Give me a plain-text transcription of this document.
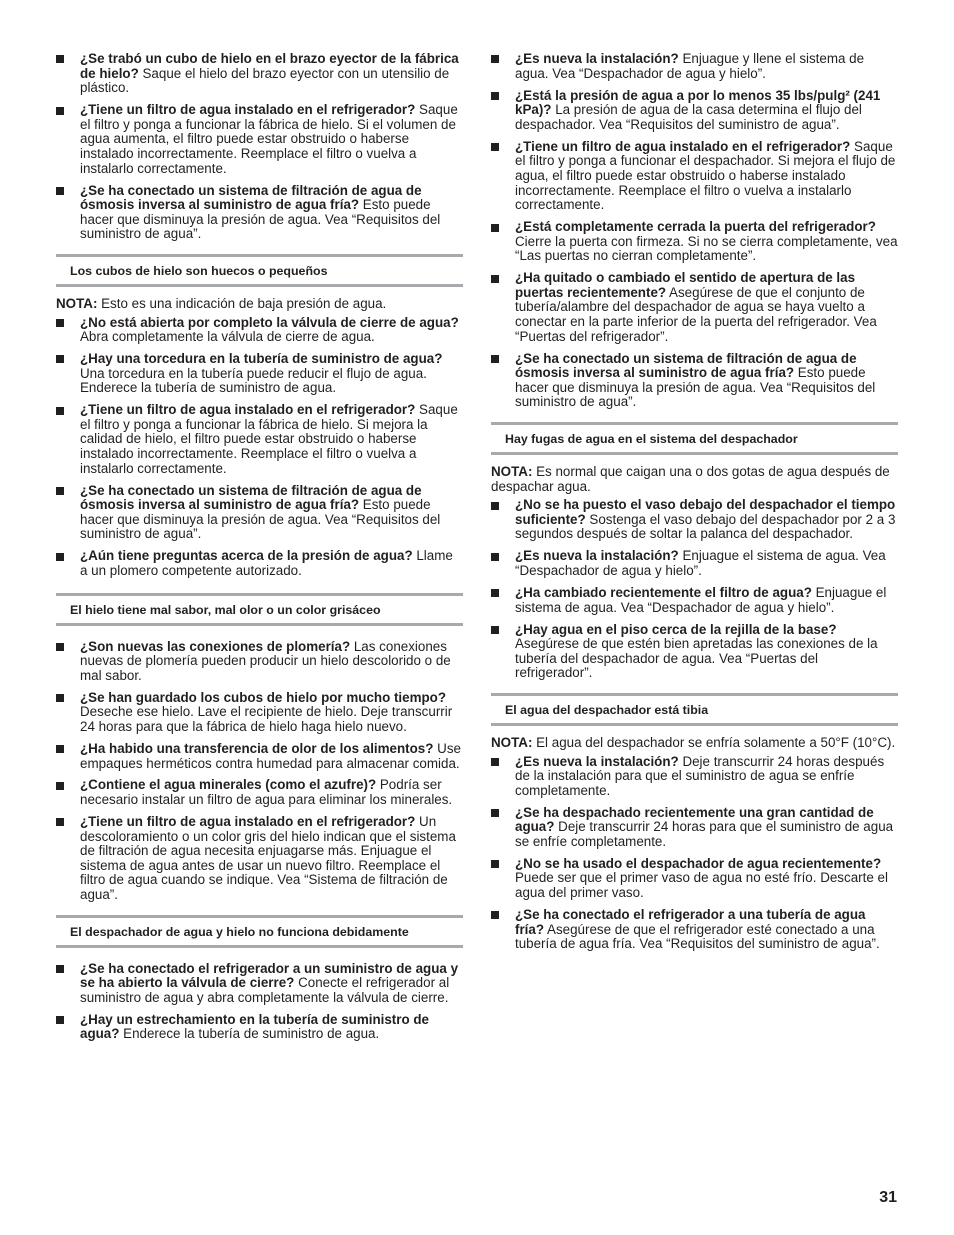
¿Se trabó un cubo de hielo en el brazo eyector de la fábrica de hielo? Saque el hielo del brazo eyector con un utensilio de plástico.
¿Tiene un filtro de agua instalado en el refrigerador? Saque el filtro y ponga a funcionar la fábrica de hielo. Si el volumen de agua aumenta, el filtro puede estar obstruido o haberse instalado incorrectamente. Reemplace el filtro o vuelva a instalarlo correctamente.
¿Se ha conectado un sistema de filtración de agua de ósmosis inversa al suministro de agua fría? Esto puede hacer que disminuya la presión de agua. Vea “Requisitos del suministro de agua”.
Los cubos de hielo son huecos o pequeños
NOTA: Esto es una indicación de baja presión de agua.
¿No está abierta por completo la válvula de cierre de agua? Abra completamente la válvula de cierre de agua.
¿Hay una torcedura en la tubería de suministro de agua? Una torcedura en la tubería puede reducir el flujo de agua. Enderece la tubería de suministro de agua.
¿Tiene un filtro de agua instalado en el refrigerador? Saque el filtro y ponga a funcionar la fábrica de hielo. Si mejora la calidad de hielo, el filtro puede estar obstruido o haberse instalado incorrectamente. Reemplace el filtro o vuelva a instalarlo correctamente.
¿Se ha conectado un sistema de filtración de agua de ósmosis inversa al suministro de agua fría? Esto puede hacer que disminuya la presión de agua. Vea “Requisitos del suministro de agua”.
¿Aún tiene preguntas acerca de la presión de agua? Llame a un plomero competente autorizado.
El hielo tiene mal sabor, mal olor o un color grisáceo
¿Son nuevas las conexiones de plomería? Las conexiones nuevas de plomería pueden producir un hielo descolorido o de mal sabor.
¿Se han guardado los cubos de hielo por mucho tiempo? Deseche ese hielo. Lave el recipiente de hielo. Deje transcurrir 24 horas para que la fábrica de hielo haga hielo nuevo.
¿Ha habido una transferencia de olor de los alimentos? Use empaques herméticos contra humedad para almacenar comida.
¿Contiene el agua minerales (como el azufre)? Podría ser necesario instalar un filtro de agua para eliminar los minerales.
¿Tiene un filtro de agua instalado en el refrigerador? Un descoloramiento o un color gris del hielo indican que el sistema de filtración de agua necesita enjuagarse más. Enjuague el sistema de agua antes de usar un nuevo filtro. Reemplace el filtro de agua cuando se indique. Vea “Sistema de filtración de agua”.
El despachador de agua y hielo no funciona debidamente
¿Se ha conectado el refrigerador a un suministro de agua y se ha abierto la válvula de cierre? Conecte el refrigerador al suministro de agua y abra completamente la válvula de cierre.
¿Hay un estrechamiento en la tubería de suministro de agua? Enderece la tubería de suministro de agua.
¿Es nueva la instalación? Enjuague y llene el sistema de agua. Vea “Despachador de agua y hielo”.
¿Está la presión de agua a por lo menos 35 lbs/pulg² (241 kPa)? La presión de agua de la casa determina el flujo del despachador. Vea “Requisitos del suministro de agua”.
¿Tiene un filtro de agua instalado en el refrigerador? Saque el filtro y ponga a funcionar el despachador. Si mejora el flujo de agua, el filtro puede estar obstruido o haberse instalado incorrectamente. Reemplace el filtro o vuelva a instalarlo correctamente.
¿Está completamente cerrada la puerta del refrigerador? Cierre la puerta con firmeza. Si no se cierra completamente, vea “Las puertas no cierran completamente”.
¿Ha quitado o cambiado el sentido de apertura de las puertas recientemente? Asegúrese de que el conjunto de tubería/alambre del despachador de agua se haya vuelto a conectar en la parte inferior de la puerta del refrigerador. Vea “Puertas del refrigerador”.
¿Se ha conectado un sistema de filtración de agua de ósmosis inversa al suministro de agua fría? Esto puede hacer que disminuya la presión de agua. Vea “Requisitos del suministro de agua”.
Hay fugas de agua en el sistema del despachador
NOTA: Es normal que caigan una o dos gotas de agua después de despachar agua.
¿No se ha puesto el vaso debajo del despachador el tiempo suficiente? Sostenga el vaso debajo del despachador por 2 a 3 segundos después de soltar la palanca del despachador.
¿Es nueva la instalación? Enjuague el sistema de agua. Vea “Despachador de agua y hielo”.
¿Ha cambiado recientemente el filtro de agua? Enjuague el sistema de agua. Vea “Despachador de agua y hielo”.
¿Hay agua en el piso cerca de la rejilla de la base? Asegúrese de que estén bien apretadas las conexiones de la tubería del despachador de agua. Vea “Puertas del refrigerador”.
El agua del despachador está tibia
NOTA: El agua del despachador se enfría solamente a 50°F (10°C).
¿Es nueva la instalación? Deje transcurrir 24 horas después de la instalación para que el suministro de agua se enfríe completamente.
¿Se ha despachado recientemente una gran cantidad de agua? Deje transcurrir 24 horas para que el suministro de agua se enfríe completamente.
¿No se ha usado el despachador de agua recientemente? Puede ser que el primer vaso de agua no esté frío. Descarte el agua del primer vaso.
¿Se ha conectado el refrigerador a una tubería de agua fría? Asegúrese de que el refrigerador esté conectado a una tubería de agua fría. Vea “Requisitos del suministro de agua”.
31
